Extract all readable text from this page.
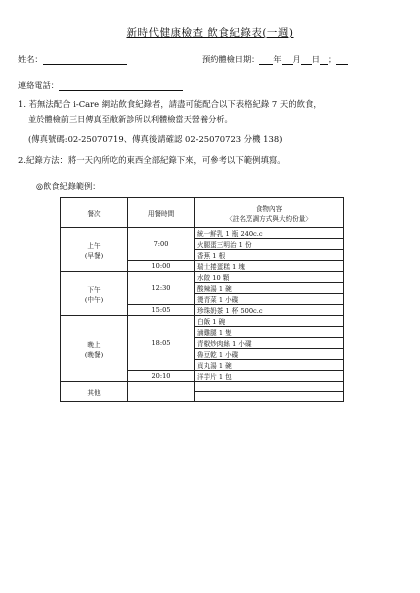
新時代健康檢查 飲食紀錄表(一週)
姓名：	預約體檢日期： 年 月 日 ；
連絡電話：
1. 若無法配合 i-Care 網站飲食紀錄者，請盡可能配合以下表格紀錄 7 天的飲食，
並於體檢前三日傳真至敝新診所以利體檢當天營養分析。
(傳真號碼:02-25070719、傳真後請確認 02-25070723 分機 138)
2.紀錄方法：將一天內所吃的東西全部紀錄下來，可參考以下範例填寫。
◎飲食紀錄範例：
餐次	用餐時間	食物內容
〈註名烹調方式與大約份量〉

上午
(早餐)	7:00	統一鮮乳 1 瓶 240c.c
		火腿蛋三明治 1 份
		香蕉 1 根
	10:00	瑞士捲蛋糕 1 塊

下午
(中午)	12:30	水餃 10 顆
		酸辣湯 1 碗
		燙青菜 1 小碟
	15:05	珍珠奶茶 1 杯 500c.c

晚上
(晚餐)	18:05	白飯 1 碗
		滷雞腿 1 隻
		青椒炒肉絲 1 小碟
		魯豆乾 1 小碟
		貢丸湯 1 碗
	20:10	洋芋片 1 包
其他		
